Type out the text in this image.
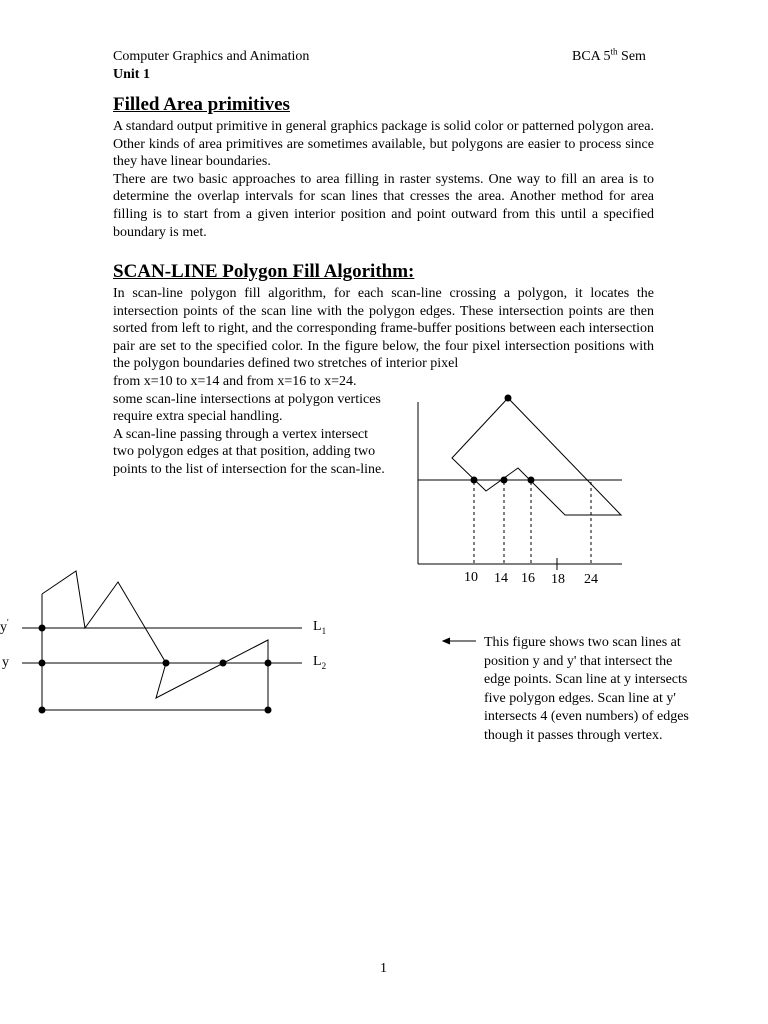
Computer Graphics and Animation	BCA 5th Sem
Unit 1
Filled Area primitives

A standard output primitive in general graphics package is solid color or patterned polygon area. Other kinds of area primitives are sometimes available, but polygons are easier to process since they have linear boundaries.

There are two basic approaches to area filling in raster systems. One way to fill an area is to determine the overlap intervals for scan lines that cresses the area. Another method for area filling is to start from a given interior position and point outward from this until a specified boundary is met.

SCAN-LINE Polygon Fill Algorithm:

In scan-line polygon fill algorithm, for each scan-line crossing a polygon, it locates the intersection points of the scan line with the polygon edges. These intersection points are then sorted from left to right, and the corresponding frame-buffer positions between each intersection pair are set to the specified color. In the figure below, the four pixel intersection positions with the polygon boundaries defined two stretches of interior pixel

from x=10 to x=14 and from x=16 to x=24.
some scan-line intersections at polygon vertices
require extra special handling.
A scan-line passing through a vertex intersect
two polygon edges at that position, adding two
points to the list of intersection for the scan-line.
10 14 16 18 24
y'
y
$L_1$
$L_2$
This figure shows two scan lines at
position y and y' that intersect the
edge points. Scan line at y intersects
five polygon edges. Scan line at y'
intersects 4 (even numbers) of edges
though it passes through vertex.
1
